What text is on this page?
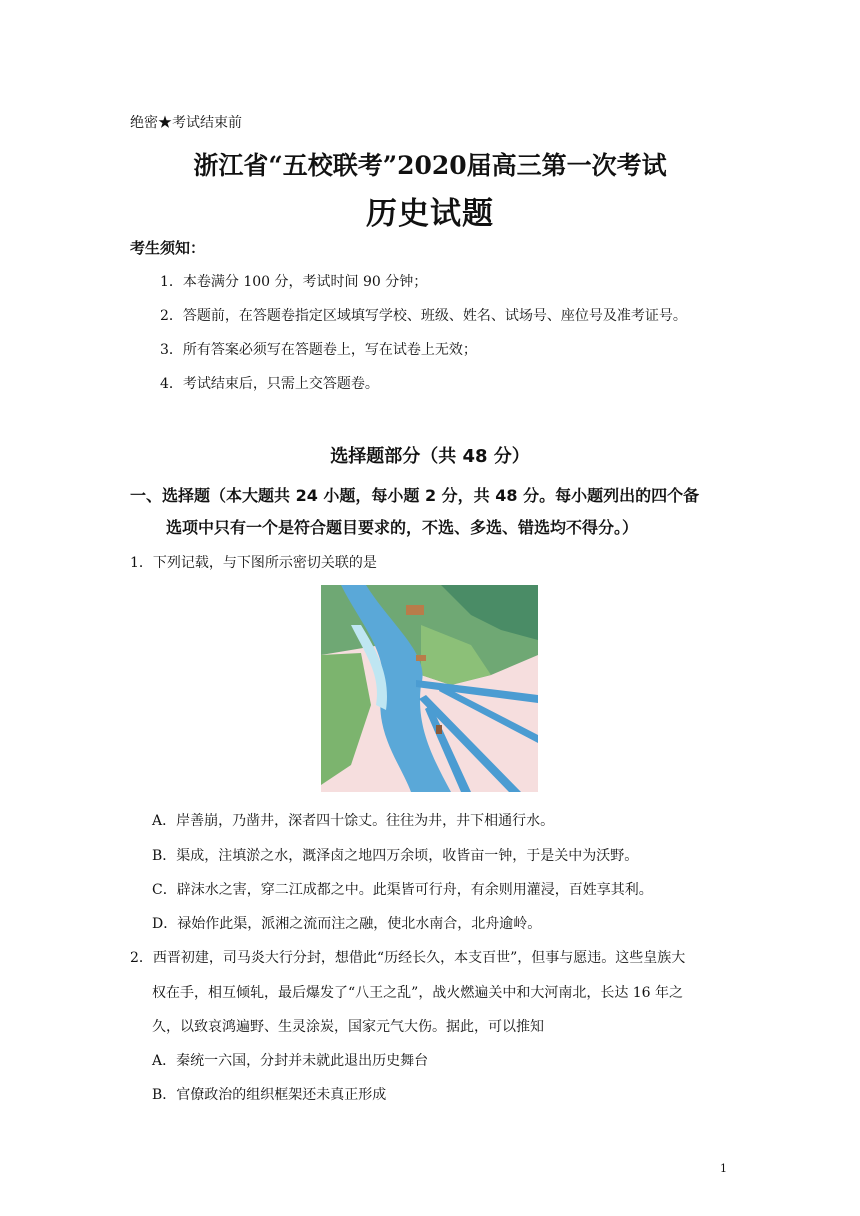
绝密★考试结束前
浙江省“五校联考”2020届高三第一次考试
历史试题
考生须知：
1．本卷满分 100 分，考试时间 90 分钟；
2．答题前，在答题卷指定区域填写学校、班级、姓名、试场号、座位号及准考证号。
3．所有答案必须写在答题卷上，写在试卷上无效；
4．考试结束后，只需上交答题卷。
选择题部分（共 48 分）
一、选择题（本大题共 24 小题，每小题 2 分，共 48 分。每小题列出的四个备
选项中只有一个是符合题目要求的，不选、多选、错选均不得分。）
1．下列记载，与下图所示密切关联的是
A．岸善崩，乃凿井，深者四十馀丈。往往为井，井下相通行水。
B．渠成，注填淤之水，溉泽卤之地四万余顷，收皆亩一钟，于是关中为沃野。
C．辟沫水之害，穿二江成都之中。此渠皆可行舟，有余则用灌浸，百姓享其利。
D．禄始作此渠，派湘之流而注之融，使北水南合，北舟逾岭。
2．西晋初建，司马炎大行分封，想借此“历经长久，本支百世”，但事与愿违。这些皇族大
权在手，相互倾轧，最后爆发了“八王之乱”，战火燃遍关中和大河南北，长达 16 年之
久，以致哀鸿遍野、生灵涂炭，国家元气大伤。据此，可以推知
A．秦统一六国，分封并未就此退出历史舞台
B．官僚政治的组织框架还未真正形成
1
